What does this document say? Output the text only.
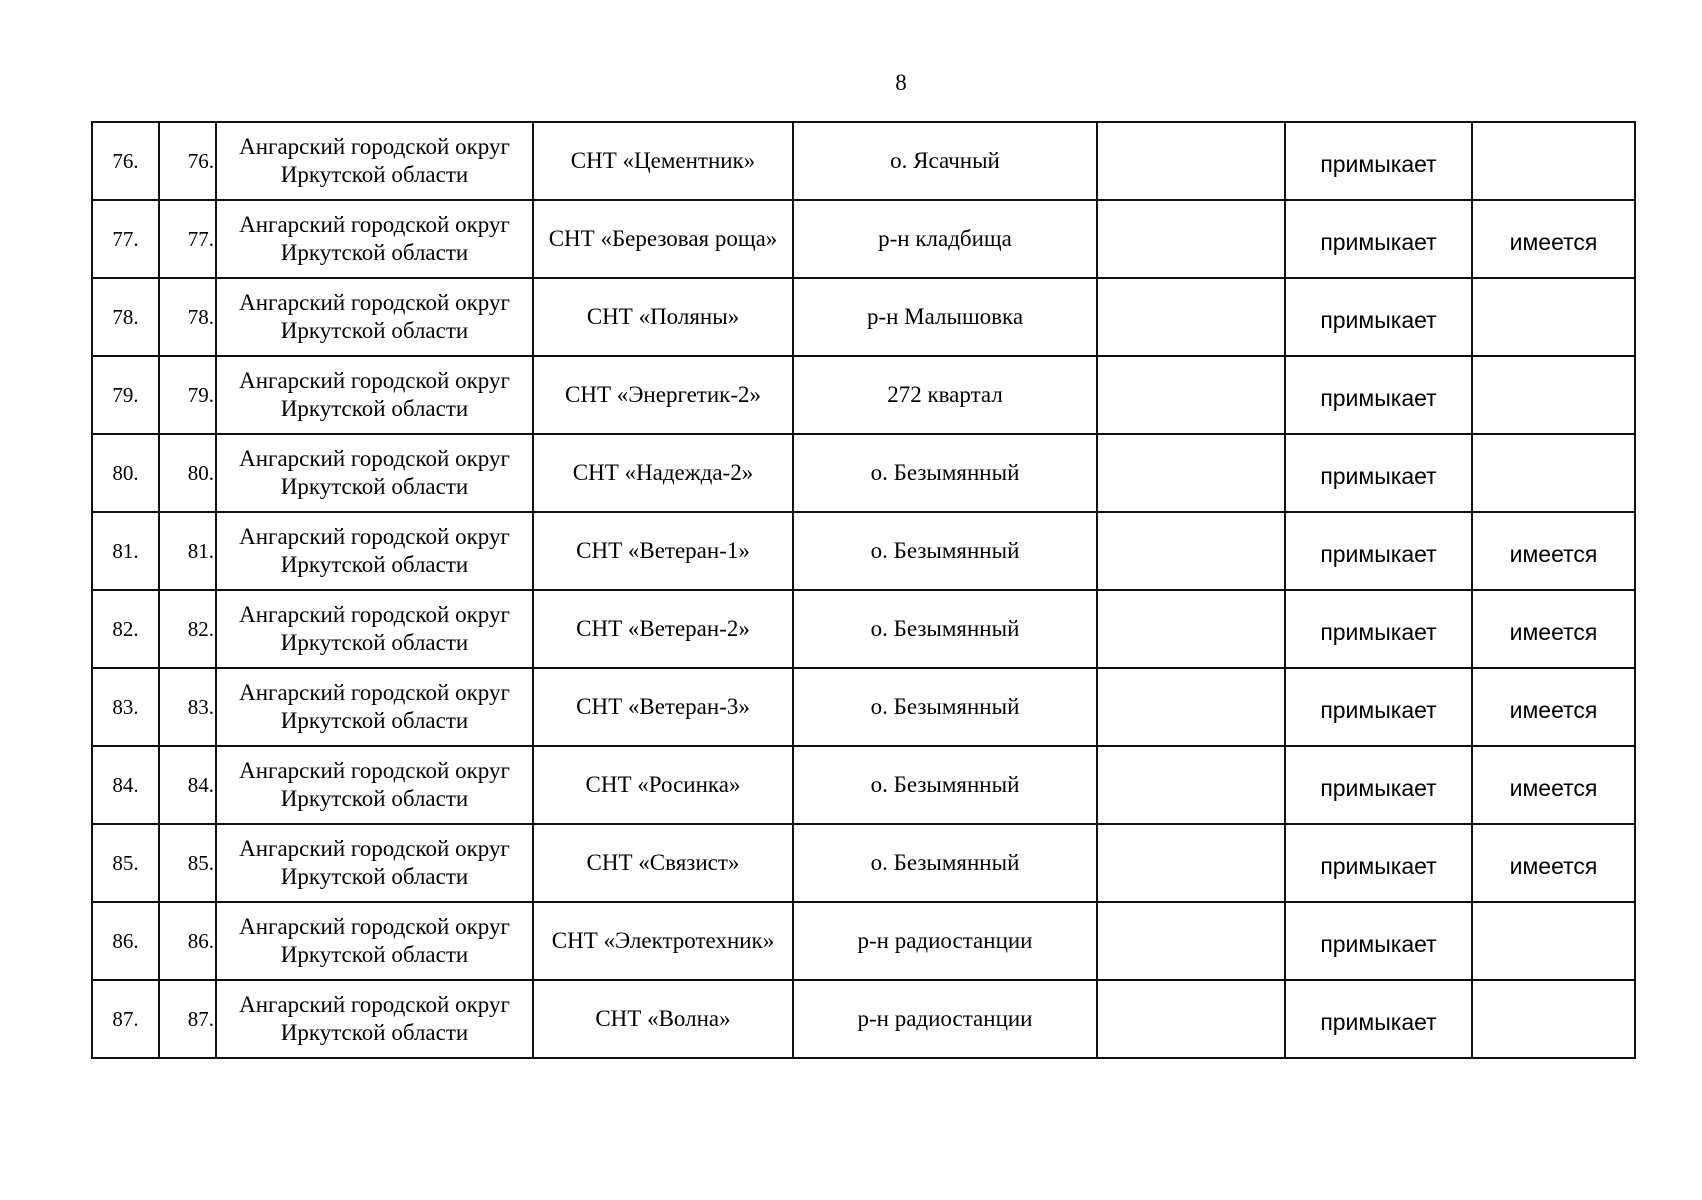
8
76.	76.	Ангарский городской округ
Иркутской области	СНТ «Цементник»	о. Ясачный		примыкает	
77.	77.	Ангарский городской округ
Иркутской области	СНТ «Березовая роща»	р-н кладбища		примыкает	имеется
78.	78.	Ангарский городской округ
Иркутской области	СНТ «Поляны»	р-н Малышовка		примыкает	
79.	79.	Ангарский городской округ
Иркутской области	СНТ «Энергетик-2»	272 квартал		примыкает	
80.	80.	Ангарский городской округ
Иркутской области	СНТ «Надежда-2»	о. Безымянный		примыкает	
81.	81.	Ангарский городской округ
Иркутской области	СНТ «Ветеран-1»	о. Безымянный		примыкает	имеется
82.	82.	Ангарский городской округ
Иркутской области	СНТ «Ветеран-2»	о. Безымянный		примыкает	имеется
83.	83.	Ангарский городской округ
Иркутской области	СНТ «Ветеран-3»	о. Безымянный		примыкает	имеется
84.	84.	Ангарский городской округ
Иркутской области	СНТ «Росинка»	о. Безымянный		примыкает	имеется
85.	85.	Ангарский городской округ
Иркутской области	СНТ «Связист»	о. Безымянный		примыкает	имеется
86.	86.	Ангарский городской округ
Иркутской области	СНТ «Электротехник»	р-н радиостанции		примыкает	
87.	87.	Ангарский городской округ
Иркутской области	СНТ «Волна»	р-н радиостанции		примыкает	
